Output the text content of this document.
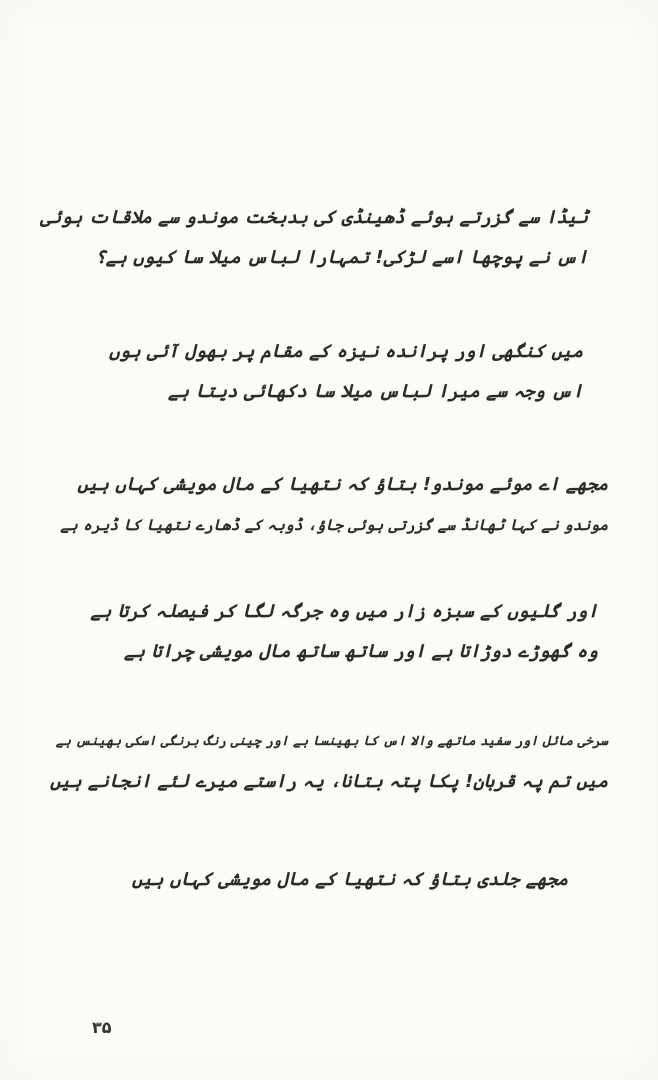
ٹیڈا سے گزرتے ہوئے ڈھینڈی کی بدبخت موندو سے ملاقات ہوئی
اس نے پوچھا اسے لڑکی! تمہارا لباس میلا سا کیوں ہے؟
میں کنگھی اور پراندہ نیزہ کے مقام پر بھول آئی ہوں
اس وجہ سے میرا لباس میلا سا دکھائی دیتا ہے
مجھے اے موئے موندو! بتاؤ کہ نتھیا کے مال مویشی کہاں ہیں
موندو نے کہا ٹھانڈ سے گزرتی ہوئی جاؤ، ڈوبہ کے ڈھارے نتھیا کا ڈیرہ ہے
اور گلیوں کے سبزہ زار میں وہ جرگہ لگا کر فیصلہ کرتا ہے
وہ گھوڑے دوڑاتا ہے اور ساتھ ساتھ مال مویشی چراتا ہے
سرخی مائل اور سفید ماتھے والا اس کا بھینسا ہے اور چینی رنگ برنگی اسکی بھینس ہے
میں تم پہ قربان! پکا پتہ بتانا، یہ راستے میرے لئے انجانے ہیں
مجھے جلدی بتاؤ کہ نتھیا کے مال مویشی کہاں ہیں
۳۵
